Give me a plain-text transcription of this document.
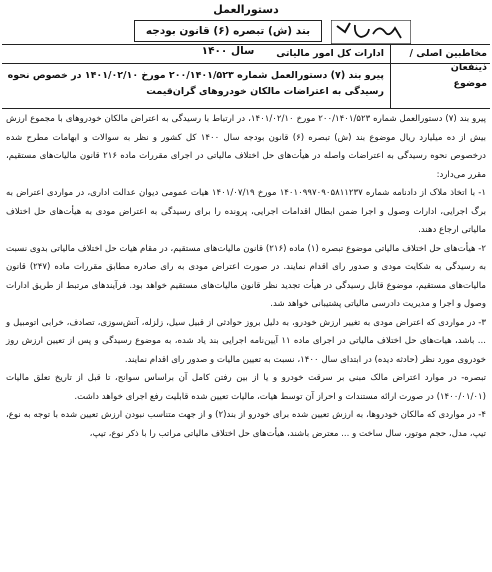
دستورالعمل
بند (ش) تبصره (۶) قانون بودجه سال ۱۴۰۰	مخاطبین اصلی / ذینفعان
ادارات کل امور مالیاتی
موضوع
پیرو بند (۷) دستورالعمل شماره ۲۰۰/۱۴۰۱/۵۲۳ مورخ ۱۴۰۱/۰۲/۱۰ در خصوص نحوه رسیدگی به اعتراضات مالکان خودروهای گران‌قیمت

پیرو بند (۷) دستورالعمل شماره ۲۰۰/۱۴۰۱/۵۲۳ مورخ ۱۴۰۱/۰۲/۱۰، در ارتباط با رسیدگی به اعتراض مالکان خودروهای با مجموع ارزش بیش از ده میلیارد ریال موضوع بند (ش) تبصره (۶) قانون بودجه سال ۱۴۰۰ کل کشور و نظر به سوالات و ابهامات مطرح شده درخصوص نحوه رسیدگی به اعتراضات واصله در هیأت‌های حل اختلاف مالیاتی در اجرای مقررات ماده ۲۱۶ قانون مالیات‌های مستقیم، مقرر می‌دارد:

۱- با اتخاذ ملاک از دادنامه شماره ۱۴۰۱۰۹۹۷۰۹۰۵۸۱۱۲۳۷ مورخ ۱۴۰۱/۰۷/۱۹ هیات عمومی دیوان عدالت اداری، در مواردی اعتراض به برگ اجرایی، ادارات وصول و اجرا ضمن ابطال اقدامات اجرایی، پرونده را برای رسیدگی به اعتراض مودی به هیأت‌های حل اختلاف مالیاتی ارجاع دهند.

۲- هیأت‌های حل اختلاف مالیاتی موضوع تبصره (۱) ماده (۲۱۶) قانون مالیات‌های مستقیم، در مقام هیات حل اختلاف مالیاتی بدوی نسبت به رسیدگی به شکایت مودی و صدور رای اقدام نمایند. در صورت اعتراض مودی به رای صادره مطابق مقررات ماده (۲۴۷) قانون مالیات‌های مستقیم، موضوع قابل رسیدگی در هیأت تجدید نظر قانون مالیات‌های مستقیم خواهد بود. فرآیندهای مرتبط از طریق ادارات وصول و اجرا و مدیریت دادرسی مالیاتی پشتیبانی خواهد شد.

۳- در مواردی که اعتراض مودی به تغییر ارزش خودرو، به دلیل بروز حوادثی از قبیل سیل، زلزله، آتش‌سوزی، تصادف، خرابی اتومبیل و ... باشد، هیات‌های حل اختلاف مالیاتی در اجرای ماده ۱۱ آیین‌نامه اجرایی بند یاد شده، به موضوع رسیدگی و پس از تعیین ارزش روز خودروی مورد نظر (حادثه دیده) در ابتدای سال ۱۴۰۰، نسبت به تعیین مالیات و صدور رای اقدام نمایند.

تبصره- در موارد اعتراض مالک مبنی بر سرقت خودرو و یا از بین رفتن کامل آن براساس سوانح، تا قبل از تاریخ تعلق مالیات (۱۴۰۰/۰۱/۰۱) در صورت ارائه مستندات و احراز آن توسط هیات، مالیات تعیین شده قابلیت رفع اجرای خواهد داشت.

۴- در مواردی که مالکان خودروها، به ارزش تعیین شده برای خودرو از بند(۲) و از جهت متناسب نبودن ارزش تعیین شده با توجه به نوع، تیپ، مدل، حجم موتور، سال ساخت و ... معترض باشند، هیأت‌های حل اختلاف مالیاتی مراتب را با ذکر نوع، تیپ،
